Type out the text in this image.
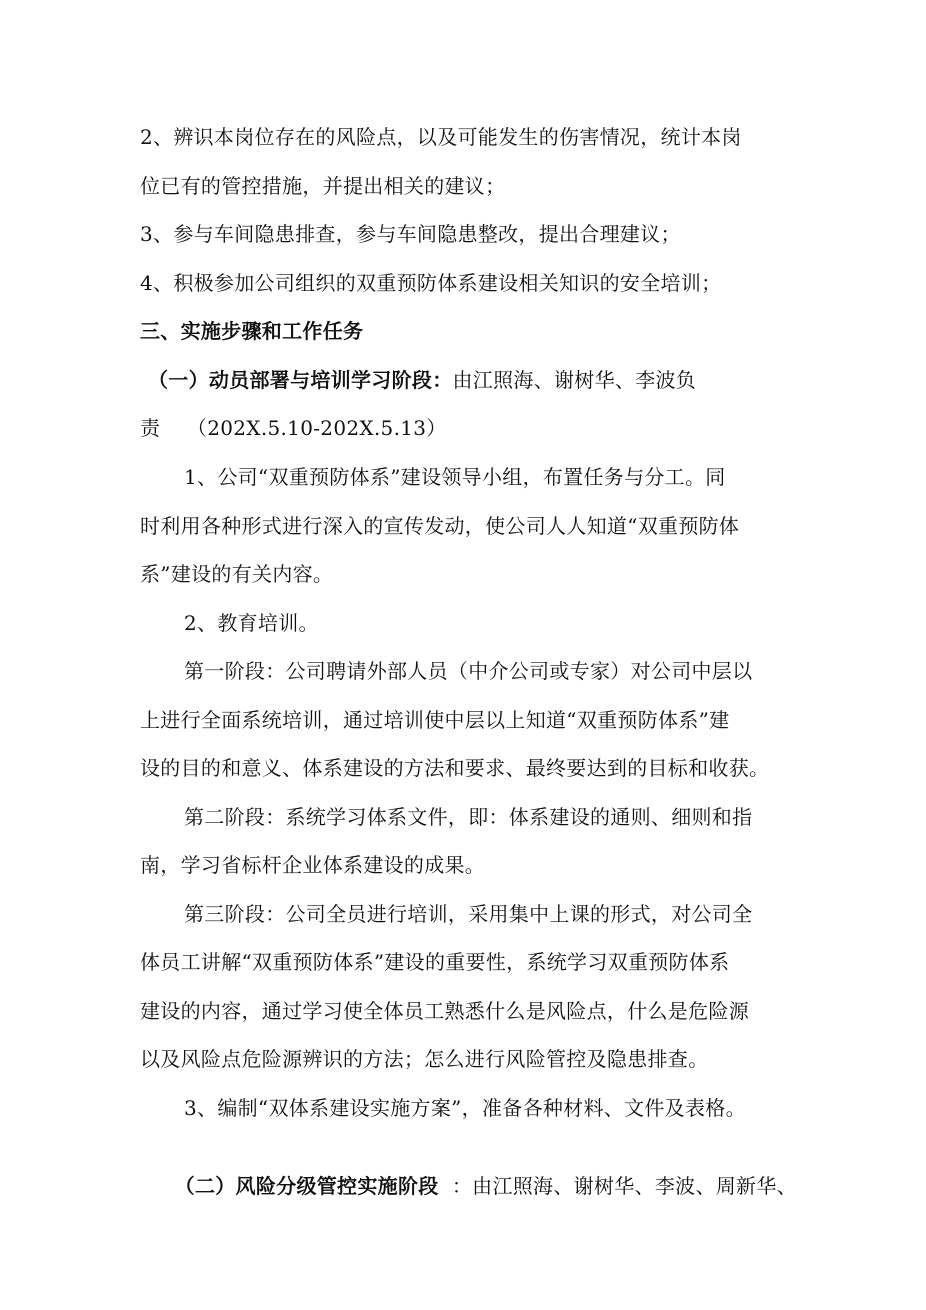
2、辨识本岗位存在的风险点，以及可能发生的伤害情况，统计本岗
位已有的管控措施，并提出相关的建议；
3、参与车间隐患排查，参与车间隐患整改，提出合理建议；
4、积极参加公司组织的双重预防体系建设相关知识的安全培训；
三、实施步骤和工作任务
（一）动员部署与培训学习阶段：由江照海、谢树华、李波负
责    （202X.5.10-202X.5.13）
1、公司“双重预防体系”建设领导小组，布置任务与分工。同
时利用各种形式进行深入的宣传发动，使公司人人知道“双重预防体
系”建设的有关内容。
2、教育培训。
第一阶段：公司聘请外部人员（中介公司或专家）对公司中层以
上进行全面系统培训，通过培训使中层以上知道“双重预防体系”建
设的目的和意义、体系建设的方法和要求、最终要达到的目标和收获。
第二阶段：系统学习体系文件，即：体系建设的通则、细则和指
南，学习省标杆企业体系建设的成果。
第三阶段：公司全员进行培训，采用集中上课的形式，对公司全
体员工讲解“双重预防体系”建设的重要性，系统学习双重预防体系
建设的内容，通过学习使全体员工熟悉什么是风险点，什么是危险源
以及风险点危险源辨识的方法；怎么进行风险管控及隐患排查。
3、编制“双体系建设实施方案”，准备各种材料、文件及表格。

（二）风险分级管控实施阶段  ：由江照海、谢树华、李波、周新华、
